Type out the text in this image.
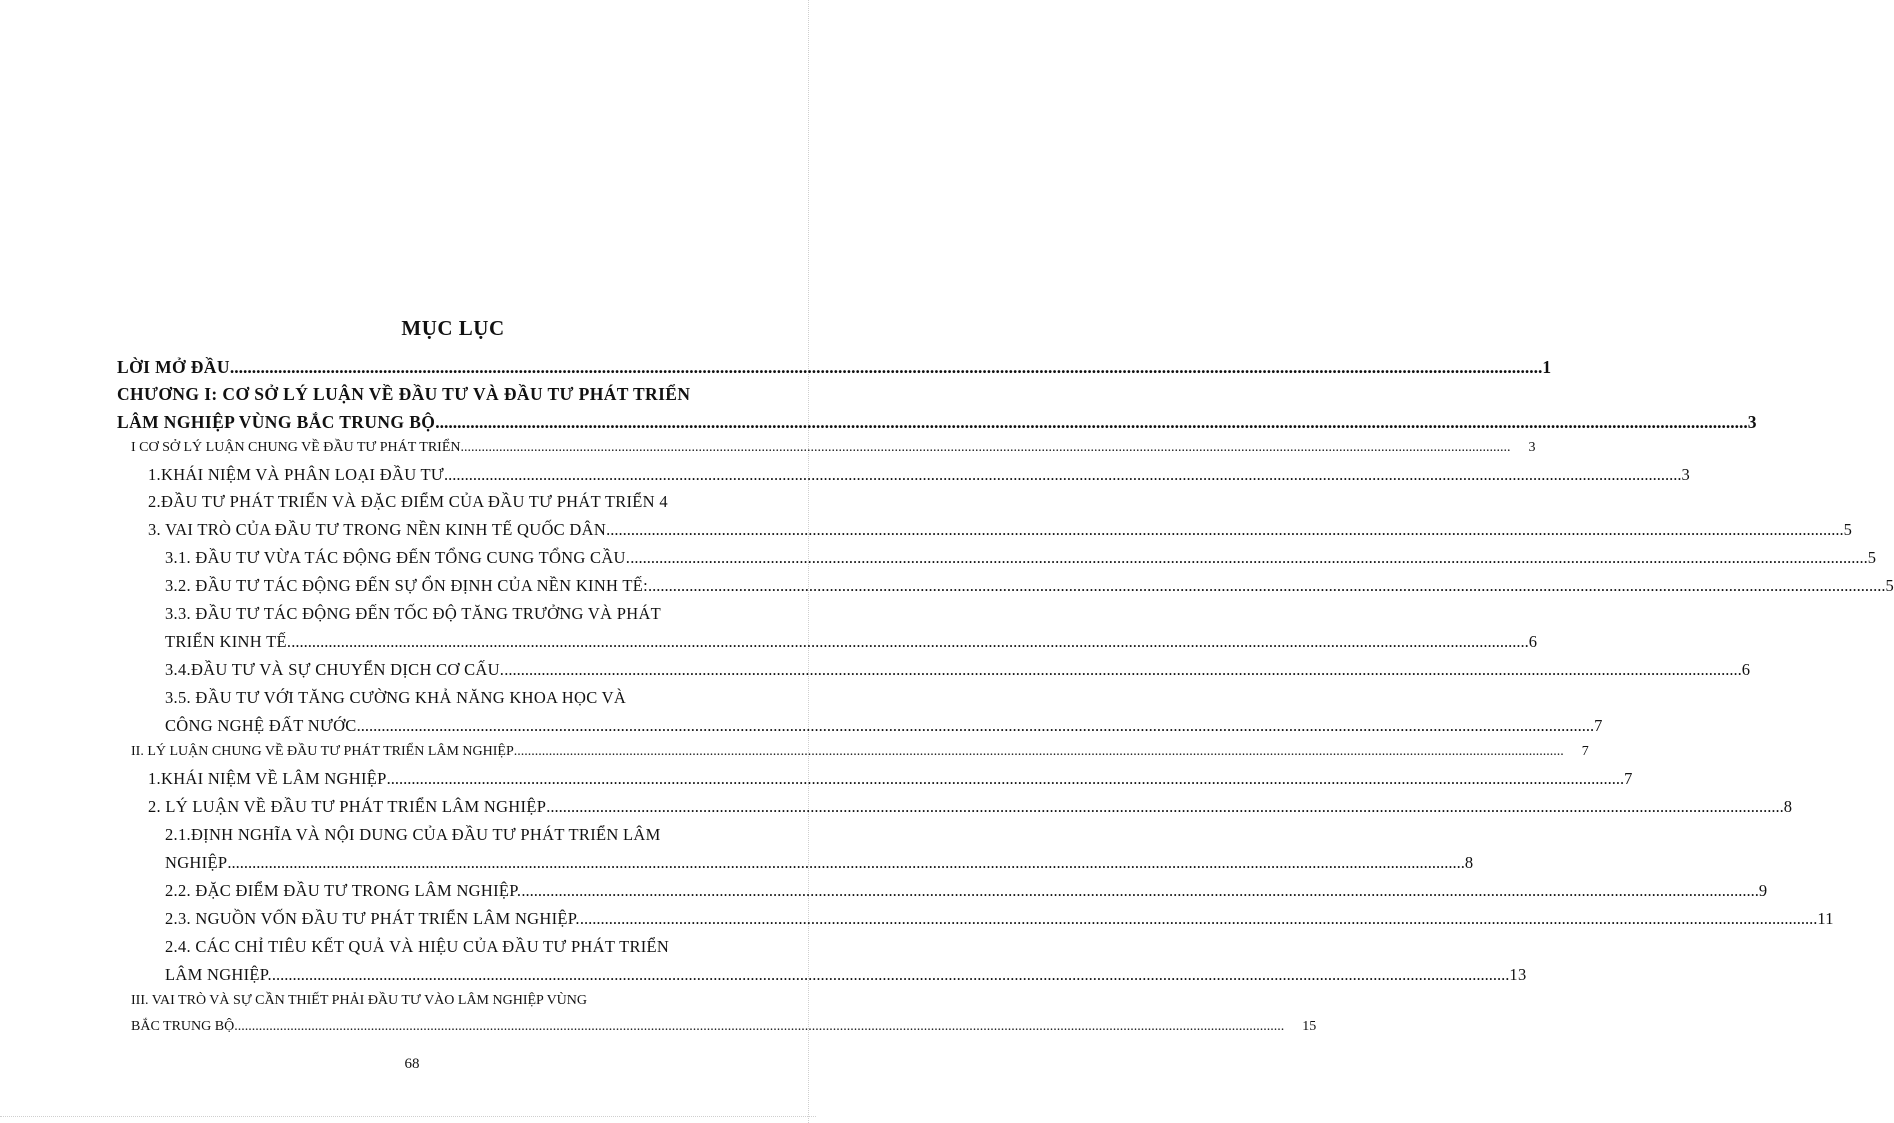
MỤC LỤC
LỜI MỞ ĐẦU ............................................................................................................................................................................................................................................................................................................ 1
CHƯƠNG I: CƠ SỞ LÝ LUẬN VỀ ĐẦU TƯ VÀ ĐẦU TƯ PHÁT TRIỂN
LÂM NGHIỆP VÙNG BẮC TRUNG BỘ ............................................................................................................................................................................................................................................................................................................ 3
I CƠ SỞ LÝ LUẬN CHUNG VỀ ĐẦU TƯ PHÁT TRIỂN ............................................................................................................................................................................................................................................................................................................	3
1.KHÁI NIỆM VÀ PHÂN LOẠI ĐẦU TƯ ............................................................................................................................................................................................................................................................................................................ 3
2.ĐẦU TƯ PHÁT TRIỂN VÀ ĐẶC ĐIỂM CỦA ĐẦU TƯ PHÁT TRIỂN 4
3. VAI TRÒ CỦA ĐẦU TƯ TRONG NỀN KINH TẾ QUỐC DÂN ............................................................................................................................................................................................................................................................................................................ 5
3.1. ĐẦU TƯ VỪA TÁC ĐỘNG ĐẾN TỔNG CUNG TỔNG CẦU. ............................................................................................................................................................................................................................................................................................................ 5
3.2. ĐẦU TƯ TÁC ĐỘNG ĐẾN SỰ ỔN ĐỊNH CỦA NỀN KINH TẾ: ............................................................................................................................................................................................................................................................................................................ 5
3.3. ĐẦU TƯ TÁC ĐỘNG ĐẾN TỐC ĐỘ TĂNG TRƯỞNG VÀ PHÁT
TRIỂN KINH TẾ. ............................................................................................................................................................................................................................................................................................................ 6
3.4.ĐẦU TƯ VÀ SỰ CHUYỂN DỊCH CƠ CẤU. ............................................................................................................................................................................................................................................................................................................ 6
3.5. ĐẦU TƯ VỚI TĂNG CƯỜNG KHẢ NĂNG KHOA HỌC VÀ
CÔNG NGHỆ ĐẤT NƯỚC ............................................................................................................................................................................................................................................................................................................ 7
II. LÝ LUẬN CHUNG VỀ ĐẦU TƯ PHÁT TRIỂN LÂM NGHIỆP ............................................................................................................................................................................................................................................................................................................	7
1.KHÁI NIỆM VỀ LÂM NGHIỆP ............................................................................................................................................................................................................................................................................................................ 7
2. LÝ LUẬN VỀ ĐẦU TƯ PHÁT TRIỂN LÂM NGHIỆP ............................................................................................................................................................................................................................................................................................................ 8
2.1.ĐỊNH NGHĨA VÀ NỘI DUNG CỦA ĐẦU TƯ PHÁT TRIỂN LÂM
NGHIỆP ............................................................................................................................................................................................................................................................................................................ 8
2.2. ĐẶC ĐIỂM ĐẦU TƯ TRONG LÂM NGHIỆP. ............................................................................................................................................................................................................................................................................................................ 9
2.3. NGUỒN VỐN ĐẦU TƯ PHÁT TRIỂN LÂM NGHIỆP. ............................................................................................................................................................................................................................................................................................................ 11
2.4. CÁC CHỈ TIÊU KẾT QUẢ VÀ HIỆU CỦA ĐẦU TƯ PHÁT TRIỂN
LÂM NGHIỆP. ............................................................................................................................................................................................................................................................................................................ 13
III. VAI TRÒ VÀ SỰ CẦN THIẾT PHẢI ĐẦU TƯ VÀO LÂM NGHIỆP VÙNG
BẮC TRUNG BỘ ............................................................................................................................................................................................................................................................................................................	15
68
